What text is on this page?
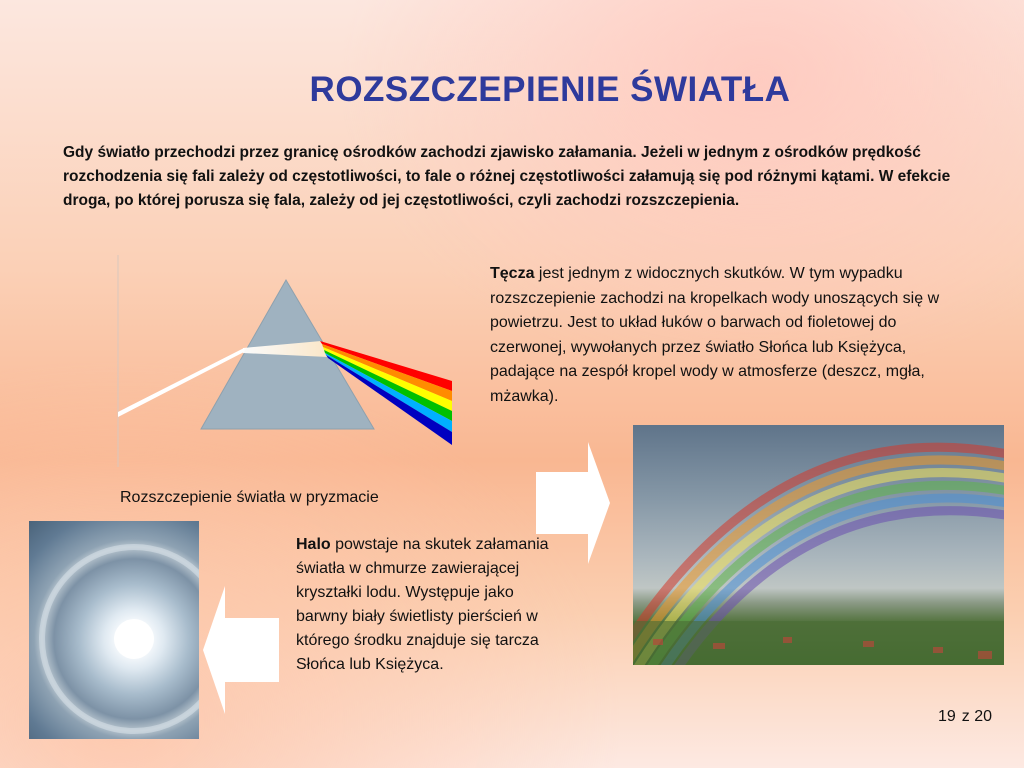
ROZSZCZEPIENIE ŚWIATŁA
Gdy światło przechodzi przez granicę ośrodków zachodzi zjawisko załamania. Jeżeli w jednym z ośrodków prędkość rozchodzenia się fali zależy od częstotliwości, to fale o różnej częstotliwości załamują się pod różnymi kątami. W efekcie droga, po której porusza się fala, zależy od jej częstotliwości, czyli zachodzi rozszczepienia.
Rozszczepienie światła w pryzmacie
Tęcza jest jednym z widocznych skutków. W tym wypadku rozszczepienie zachodzi na kropelkach wody unoszących się w powietrzu. Jest to układ łuków o barwach od fioletowej do czerwonej, wywołanych przez światło Słońca lub Księżyca, padające na zespół kropel wody w atmosferze (deszcz, mgła, mżawka).
Halo powstaje na skutek załamania światła w chmurze zawierającej kryształki lodu. Występuje jako barwny biały świetlisty pierścień w którego środku znajduje się tarcza Słońca lub Księżyca.
19 z 20
